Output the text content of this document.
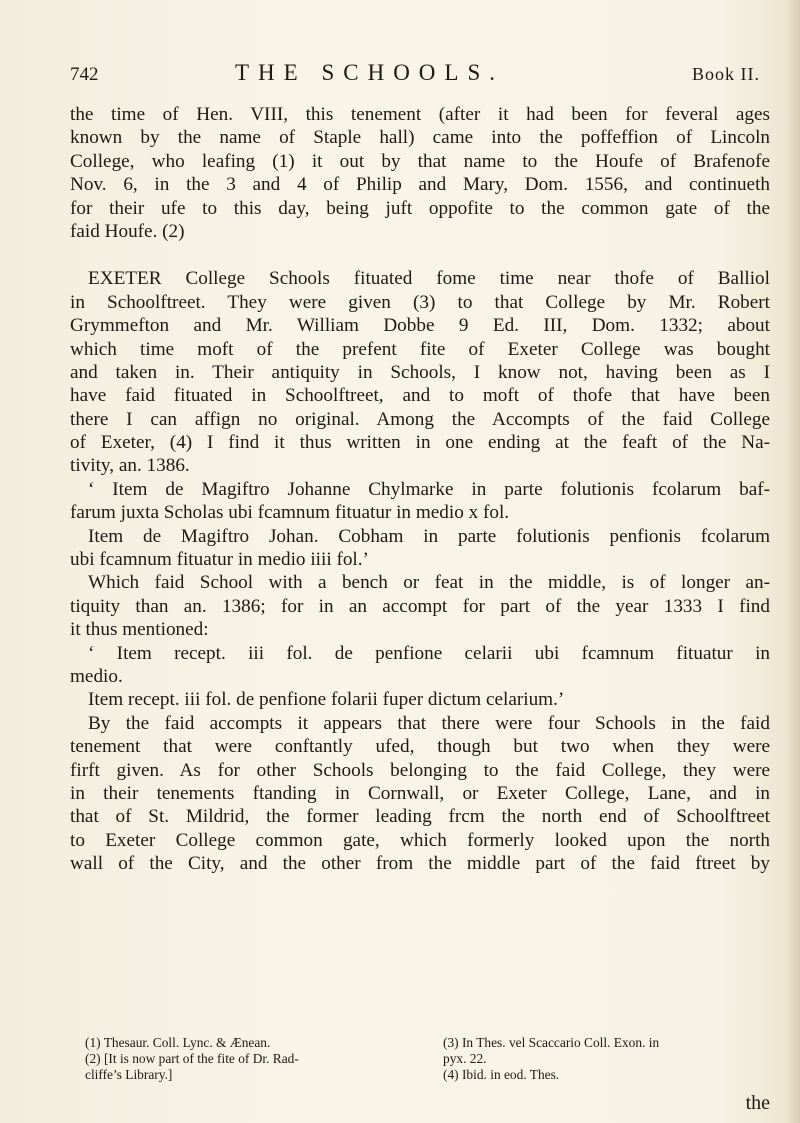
742	THE SCHOOLS.	Book II.
the time of Hen. VIII, this tenement (after it had been for feveral ages
known by the name of Staple hall) came into the poffeffion of Lincoln
College, who leafing (1) it out by that name to the Houfe of Brafenofe
Nov. 6, in the 3 and 4 of Philip and Mary, Dom. 1556, and continueth
for their ufe to this day, being juft oppofite to the common gate of the
faid Houfe. (2)
EXETER College Schools fituated fome time near thofe of Balliol
in Schoolftreet. They were given (3) to that College by Mr. Robert
Grymmefton and Mr. William Dobbe 9 Ed. III, Dom. 1332; about
which time moft of the prefent fite of Exeter College was bought
and taken in. Their antiquity in Schools, I know not, having been as I
have faid fituated in Schoolftreet, and to moft of thofe that have been
there I can affign no original. Among the Accompts of the faid College
of Exeter, (4) I find it thus written in one ending at the feaft of the Na-
tivity, an. 1386.
‘ Item de Magiftro Johanne Chylmarke in parte folutionis fcolarum baf-
farum juxta Scholas ubi fcamnum fituatur in medio x fol.
Item de Magiftro Johan. Cobham in parte folutionis penfionis fcolarum
ubi fcamnum fituatur in medio iiii fol.’
Which faid School with a bench or feat in the middle, is of longer an-
tiquity than an. 1386; for in an accompt for part of the year 1333 I find
it thus mentioned:
‘ Item recept. iii fol. de penfione celarii ubi fcamnum fituatur in
medio.
Item recept. iii fol. de penfione folarii fuper dictum celarium.’
By the faid accompts it appears that there were four Schools in the faid
tenement that were conftantly ufed, though but two when they were
firft given. As for other Schools belonging to the faid College, they were
in their tenements ftanding in Cornwall, or Exeter College, Lane, and in
that of St. Mildrid, the former leading frcm the north end of Schoolftreet
to Exeter College common gate, which formerly looked upon the north
wall of the City, and the other from the middle part of the faid ftreet by
(1) Thesaur. Coll. Lync. & Ænean.
(2) [It is now part of the fite of Dr. Rad-
cliffe’s Library.]
(3) In Thes. vel Scaccario Coll. Exon. in
pyx. 22.
(4) Ibid. in eod. Thes.
the
